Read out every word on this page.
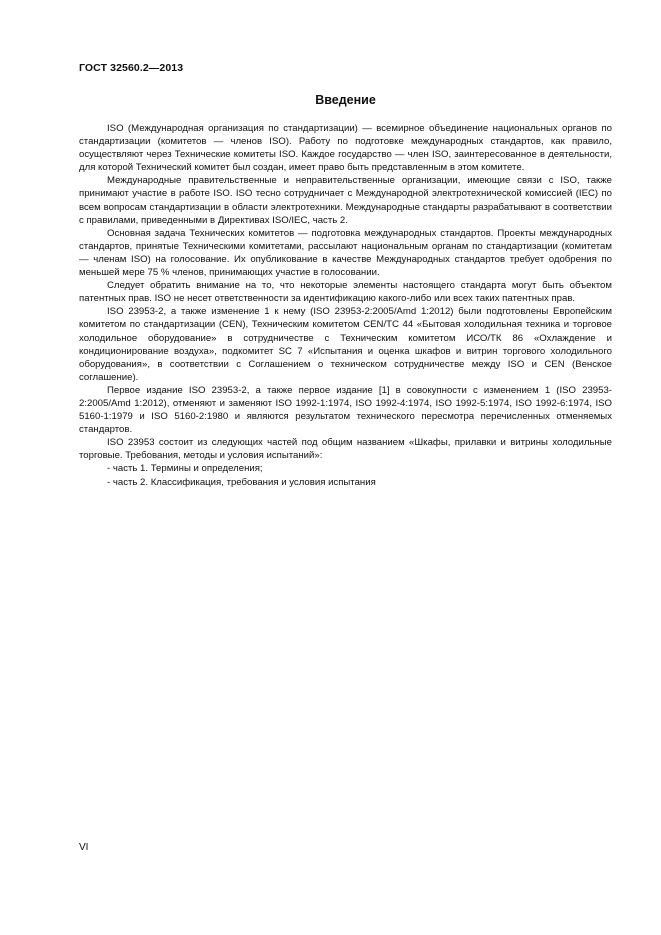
ГОСТ 32560.2—2013
Введение

ISO (Международная организация по стандартизации) — всемирное объединение национальных органов по стандартизации (комитетов — членов ISO). Работу по подготовке международных стандартов, как правило, осуществляют через Технические комитеты ISO. Каждое государство — член ISO, заинтересованное в деятельности, для которой Технический комитет был создан, имеет право быть представленным в этом комитете.

Международные правительственные и неправительственные организации, имеющие связи с ISO, также принимают участие в работе ISO. ISO тесно сотрудничает с Международной электротехнической комиссией (IEC) по всем вопросам стандартизации в области электротехники. Международные стандарты разрабатывают в соответствии с правилами, приведенными в Директивах ISO/IEC, часть 2.

Основная задача Технических комитетов — подготовка международных стандартов. Проекты международных стандартов, принятые Техническими комитетами, рассылают национальным органам по стандартизации (комитетам — членам ISO) на голосование. Их опубликование в качестве Международных стандартов требует одобрения по меньшей мере 75 % членов, принимающих участие в голосовании.

Следует обратить внимание на то, что некоторые элементы настоящего стандарта могут быть объектом патентных прав. ISO не несет ответственности за идентификацию какого-либо или всех таких патентных прав.

ISO 23953-2, а также изменение 1 к нему (ISO 23953-2:2005/Amd 1:2012) были подготовлены Европейским комитетом по стандартизации (CEN), Техническим комитетом CEN/TC 44 «Бытовая холодильная техника и торговое холодильное оборудование» в сотрудничестве с Техническим комитетом ИСО/ТК 86 «Охлаждение и кондиционирование воздуха», подкомитет SC 7 «Испытания и оценка шкафов и витрин торгового холодильного оборудования», в соответствии с Соглашением о техническом сотрудничестве между ISO и CEN (Венское соглашение).

Первое издание ISO 23953-2, а также первое издание [1] в совокупности с изменением 1 (ISO 23953-2:2005/Amd 1:2012), отменяют и заменяют ISO 1992-1:1974, ISO 1992-4:1974, ISO 1992-5:1974, ISO 1992-6:1974, ISO 5160-1:1979 и ISO 5160-2:1980 и являются результатом технического пересмотра перечисленных отменяемых стандартов.

ISO 23953 состоит из следующих частей под общим названием «Шкафы, прилавки и витрины холодильные торговые. Требования, методы и условия испытаний»:

- часть 1. Термины и определения;

- часть 2. Классификация, требования и условия испытания

VI
